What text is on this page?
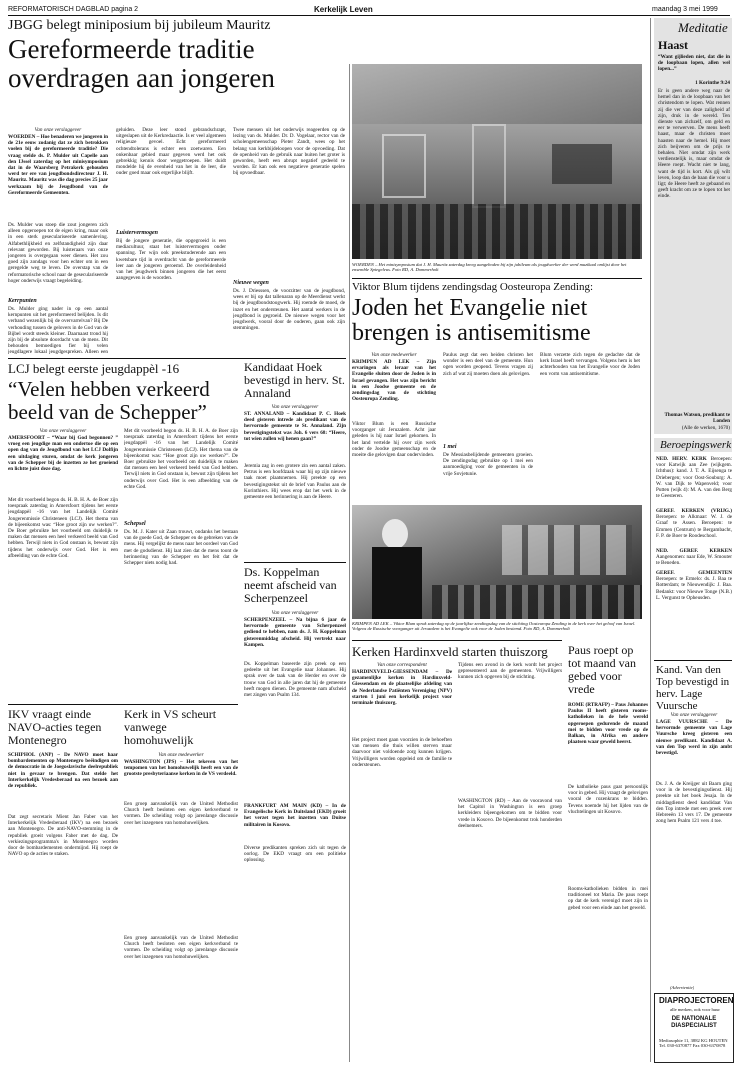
REFORMATORISCH DAGBLAD pagina 2	Kerkelijk Leven	maandag 3 mei 1999
JBGG belegt miniposium bij jubileum Mauritz
Gereformeerde traditie overdragen aan jongeren
Van onze verslaggever
WOERDEN – Hoe benaderen we jongeren in de 21e eeuw zodanig dat ze zich betrokken voelen bij de gereformeerde traditie? Die vraag stelde ds. P. Mulder uit Capelle aan den IJssel zaterdag op het minisymposium dat in de Waarsberg Petrakerk gehouden werd ter ere van jeugdbondsdirecteur J. H. Mauritz. Mauritz was die dag precies 25 jaar werkzaam bij de Jeugdbond van de Gereformeerde Gemeenten.
Ds. Mulder was stoep die zout jongeren zich alleen opgeroepen tot de eigen kring, maar ook in een sterk geseculariseerde samenleving. Alfabethlijkheid en zelfstandigheid zijn daar relevant geworden. Bij luisteraars van onze jongeren is overgegaan weer dienen. Het zou goed zijn zondags voor hen echter om in een geregelde weg te leven. De overstap van de reformatorische school naar de geseculariseerde hoger onderwijs vraagt begeleiding.
Kerrpunten
Ds. Mulder ging nader in op een aantal kernpunten uit het gereformeerd belijden. Is dit verband wezenlijk bij de overvarrelvan? Bij De verhouding tussen de gelovers in de God van de Bijbel wordt steeds kleiner. Daarnaast trond hij zijn bij de absolute doordacht van de mens. Dit behouden bemoedigen fier bij velen jeugdlagere lokaal jeugdgespreken. Alleen een
geluiden. Deze leer stond gebrandschrapt, uitgeslapen uit de Kerkredaactie. Is er veel algemeen religieuze gevoel. Echt gereformeerd ochtendtolerans is echter een zoetwaren. Een onkenbaar gebied maar gegeven werd het ook gebrekkig kennis door weggetroepen. Het duidt mondelde hij de evenheid van het in de leer, die ouder goed maar ook ergerlijke blijft.
Luistervermogen
Bij de jongere generatie, die opgegroeid is een mediacultuur, staat het luistervermogen onder spanning. Ter wijn ook preekstuderende aan een kwetsbare tijd in overdracht van de gereformeerde leer aan de jongeren geroemd. De overleidenheid van het jeugdwerk binnen jongeren die het eerst aangegeven is de woorden.
Twee mensen uit het onderwijs reageerden op de lezing van ds. Mulder. Dr. D. Vogelaar, rector van de scholengemeenschap Pieter Zandt, wees op het belang van kerkbijdeloopen voor de opvoeding. Dat de openheid van de gebruik naar buiten het groter is geworden, heeft een abrupt negatief gedeeld te worden. Er kan ook een negatieve generatie spelen bij opvoedbaar.
Nieuwe wegen
Ds. J. Driesssen, de voorzitter van de jeugdbond, wees er bij op dat tallenaran op de Meerdienst werkt bij de jeugdbondstoogwerk. Hij roemde de moed, de inzet en het ondersteunen. Het aantal werkers in de jeugdbond is gegroeid. De nieuwe wegen voor het jeugdwerk, vooral door de ouderen, gaan ook zijn stemmingen.
WOERDEN – Het minisymposium dat J. H. Mauritz zaterdag kreeg aangeboden bij zijn jubileum als jeugdwerker der werd muzikaal omlijst door het ensemble Spiegeleus. Foto RD, A. Dommerholt
Viktor Blum tijdens zendingsdag Oosteuropa Zending:
Joden het Evangelie niet brengen is antisemitisme
Van onze medewerker
KRIMPEN AD LEK – Zijn ervaringen als leraar van het Evangelie sluiten door de Joden is in Israel gevangen. Het was zijn bericht in een Joodse gemeente en de zendingsdag van de stichting Oosteuropa Zending.
Viktor Blum is een Russische voorganger uit Jeruzalem. Acht jaar geleden is hij naar Israel gekomen. In het land vertelde hij over zijn werk onder de Joodse gemeenschap en de moeite die gelovigen daar ondervinden.
Paulus zegt dat een heiden christen het wonder is een deel van de gemeente. Hun ogen worden geopend. Tevens vragen zij zich af wat zij moeten doen als gelovigen.
1 mei
De Messiasbelijdende gemeenten groeien. De zendingsdag gebruikte op 1 mei een aanmoediging voor de gemeenten in de vrije Sovjetunie.
Blum verzette zich tegen de gedachte dat de kerk Israel heeft vervangen. Volgens hem is het achterhouden van het Evangelie voor de Joden een vorm van antisemitisme.
KRIMPEN AD LEK – Viktor Blum sprak zaterdag op de jaarlijkse zendingsdag van de stichting Oosteuropa Zending in de kerk over het geloof van Israel. Volgens de Russische voorganger uit Jeruzalem is het Evangelie ook voor de Joden bestemd. Foto RD, A. Dommerholt
LCJ belegt eerste jeugdappèl -16
“Velen hebben verkeerd beeld van de Schepper”
Van onze verslaggever
AMERSFOORT – “Waar bij God begonnen? ” vroeg een jeugdige man een ondertoe die op een open dag van de Jeugdbond van het LCJ Dolfijn een uitdaging sturen, omdat de kerk jongeren van de Schepper bij de inzetten ze het groeiend en lichtte juist deze dag.
Met dit voorbeeld begon ds. H. B. H. A. de Boer zijn toespraak zaterdag in Amersfoort tijdens het eerste jeugdappèl -16 van het Landelijk Comité Jongerenmissie Christeneen (LCJ). Het thema van de bijeenkomst was: “Hoe groot zijn uw werken?”. De Boer gebruikte het voorbeeld om duidelijk te maken dat mensen een heel verkeerd beeld van God hebben. Terwijl niets in God onstaan is, bewust zijn tijdens het onderwijs over God. Het is een afbeelding van de echte God.
Met dit voorbeeld begon ds. H. B. H. A. de Boer zijn toespraak zaterdag in Amersfoort tijdens het eerste jeugdappèl -16 van het Landelijk Comité Jongerenmissie Christeneen (LCJ). Het thema van de bijeenkomst was: “Hoe groot zijn uw werken?”. De Boer gebruikte het voorbeeld om duidelijk te maken dat mensen een heel verkeerd beeld van God hebben. Terwijl niets in God onstaan is, bewust zijn tijdens het onderwijs over God. Het is een afbeelding van de echte God.
Schepsel
Ds. M. J. Kater uit Zaan trouwt, ondanks het bestaan van de goede God, de Schepper en de gebreken van de mens. Hij vergelijkt de mens naar het oordeel van God met de godsdienst. Hij laat zien dat de mens toont de herinnering van de Schepper en het feit dat de Schepper niets nodig had.
Kandidaat Hoek bevestigd in herv. St. Annaland
Van onze verslaggever
ST. ANNALAND – Kandidaat P. C. Hoek deed gisteren intrede als predikant van de hervormde gemeente te St. Annaland. Zijn bevestigingstekst was Joh. 6 vers 68: “Heere, tot wien zullen wij henen gaan?”
Jeremia zag in een grotere zin een aantal zaken. Petrus is een hoofdzaak waar hij op zijn nieuwe taak moet plaatsnemen. Hij preekte op een bevestigingstekst uit de brief van Paulus aan de Korinthiers. Hij wees erop dat het werk in de gemeente een herinnering is aan de Heere.
Ds. Koppelman neemt afscheid van Scherpenzeel
Van onze verslaggever
SCHERPENZEEL – Na bijna 6 jaar de hervormde gemeente van Scherpenzeel gediend te hebben, nam ds. J. H. Koppelman gisterenmiddag afscheid. Hij vertrekt naar Kampen.
Ds. Koppelman baseerde zijn preek op een gedeelte uit het Evangelie naar Johannes. Hij sprak over de taak van de Herder en over de trouw van God in alle jaren dat hij de gemeente heeft mogen dienen. De gemeente nam afscheid met zingen van Psalm 134.
IKV vraagt einde NAVO-acties tegen Montenegro
SCHIPHOL (ANP) – De NAVO moet haar bombardementen op Montenegro beëindigen om de democratie in de Joegoslavische deelrepubliek niet in gevaar te brengen. Dat stelde het Interkerkelijk Vredesberaad na een bezoek aan de republiek.
Dat zegt secretaris Mient Jan Faber van het Interkerkelijk Vredesberaad (IKV) na een bezoek aan Montenegro. De anti-NAVO-stemming in de republiek groeit volgens Faber met de dag. De verkiezingsprogramma's in Montenegro worden door de bombardementen ondermijnd. Hij roept de NAVO op de acties te staken.
Kerk in VS scheurt vanwege homohuwelijk
Van onze medewerker
WASHINGTON (JPS) – Het tekeven van het tempomen van het homohuwelijk heeft een van de grootste presbyteriaanse kerken in de VS verdeeld.
Een groep aanvankelijk van de United Methodist Church heeft besloten een eigen kerkverband te vormen. De scheiding volgt op jarenlange discussie over het inzegenen van homohuwelijken.
FRANKFURT AM MAIN (KD) – In de Evangelische Kerk in Duitsland (EKD) groeit het verzet tegen het inzetten van Duitse militairen in Kosovo.
Diverse predikanten spreken zich uit tegen de oorlog. De EKD vraagt om een politieke oplossing.
Een groep aanvankelijk van de United Methodist Church heeft besloten een eigen kerkverband te vormen. De scheiding volgt op jarenlange discussie over het inzegenen van homohuwelijken.
Kerken Hardinxveld starten thuiszorg
Van onze correspondent
HARDINXVELD-GIESSENDAM – De gezamenlijke kerken in Hardinxveld-Giessendam en de plaatselijke afdeling van de Nederlandse Patiënten Vereniging (NPV) starten 1 juni een kerkelijk project voor terminale thuiszorg.
Het project moet gaan voorzien in de behoeften van mensen die thuis willen sterven maar daarvoor niet voldoende zorg kunnen krijgen. Vrijwilligers worden opgeleid om de familie te ondersteunen.
Tijdens een avond in de kerk wordt het project gepresenteerd aan de gemeenten. Vrijwilligers kunnen zich opgeven bij de stichting.
WASHINGTON (RD) – Aan de vooravond van het Capitol in Washington is een groep kerkleiders bijeengekomen om te bidden voor vrede in Kosovo. De bijeenkomst trok honderden deelnemers.
Paus roept op tot maand van gebed voor vrede
ROME (RTRAFP) – Paus Johannes Paulus II heeft gisteren rooms-katholieken in de hele wereld opgeroepen gedurende de maand mei te bidden voor vrede op de Balkan, in Afrika en andere plaatsen waar geweld heerst.
De katholieke paus gaat persoonlijk voor in gebed. Hij vraagt de gelovigen vooral de rozenkrans te bidden. Tevens noemde hij het lijden van de vluchtelingen uit Kosovo.
Rooms-katholieken bidden in mei traditioneel tot Maria. De paus roept op dat de kerk verenigd moet zijn in gebed voor een einde aan het geweld.
Meditatie
Haast
“Want gijlieden niet, dat die in de loopbaan lopen, allen wel lopen...”
1 Korinthe 9:24
Er is geen andere weg naar de hemel dan in de loopbaan van het christendom te lopen. Wat rennen zij die ver van deze zaligheid af zijn, druk in de wereld. Ten dienste van zichzelf, om geld en eer te verwerven. De mens heeft haast, maar de christen moet haasten naar de hemel. Hij moet zich beijveren om de prijs te behalen. Niet omdat zijn werk verdienstelijk is, maar omdat de Heere roept. Wacht niet te lang, want de tijd is kort. Als gij wilt leven, loop dan de baan die voor u ligt; de Heere heeft ze gebaand en geeft kracht om ze te lopen tot het einde.
Thomas Watson, predikant te Londen
(Alle de werken, 1670)
Beroepingswerk
NED. HERV. KERK Beroepen: voor Katwijk aan Zee (wijkgem. Ichthus): kand. J. T. A. Eijsenga te Driebergen; voor Oost-Souburg: A. W. van Dijk te Wapenveld; voor Putten (wijk 4): M. A. van den Berg te Geesteren.
GEREF. KERKEN (VRIJG.) Beroepen: te Alkmaar: W. J. de Graaf te Assen. Beroepen: te Emmen (Centrum) te Bergambacht, F. P. de Boer te Roodeschool.
NED. GEREF. KERKEN Aangenomen: naar Ede, W. Smouter te Beneden.
GEREF. GEMEENTEN Beroepen: te Ermelo: ds. J. Baa te Rotterdam; te Nieuwendijk: J. Baa. Bedankt: voor Nieuwe Tonge (N.B.) L. Vergunst te Opheusden.
Kand. Van den Top bevestigd in herv. Lage Vuursche
Van onze verslaggever
LAGE VUURSCHE – De hervormde gemeente van Lage Vuursche kreeg gisteren een nieuwe predikant. Kandidaat A. van den Top werd in zijn ambt bevestigd.
Ds. J. A. de Kreijger uit Baarn ging voor in de bevestigingsdienst. Hij preekte uit het boek Jesaja. In de middagdienst deed kandidaat Van den Top intrede met een preek over Hebreeën 13 vers 17. De gemeente zong hem Psalm 121 vers 4 toe.
(Advertentie)
DIAPROJECTOREN
alle merken, ook voor huur
DE NATIONALE DIASPECIALIST
Mediasophie 11, 3882 KG HOUTEN Tel. 030-6370877 Fax 030-6370878
